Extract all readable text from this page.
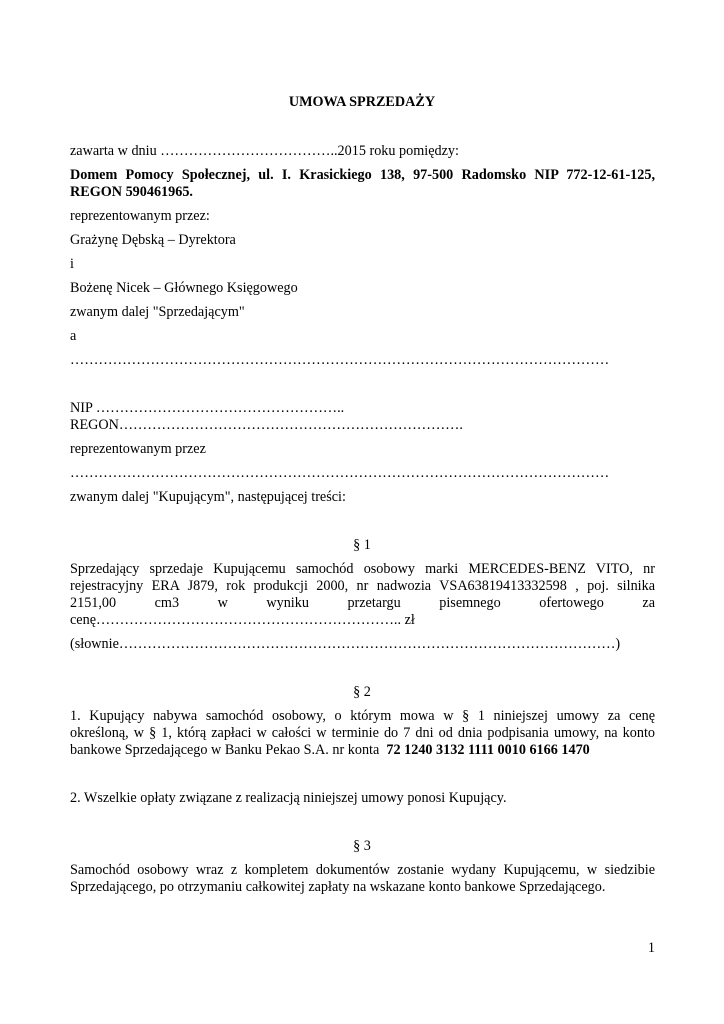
UMOWA SPRZEDAŻY
zawarta w dniu ………………………………..2015 roku pomiędzy:
Domem Pomocy Społecznej, ul. I. Krasickiego 138, 97-500 Radomsko NIP 772-12-61-125,
REGON 590461965.
reprezentowanym przez:
Grażynę Dębską – Dyrektora
i
Bożenę Nicek – Głównego Księgowego
zwanym dalej "Sprzedającym"
a
……………………………………………………………………………………………………
NIP ……………………………………………..
REGON……………………………………………………………….
reprezentowanym przez
……………………………………………………………………………………………………
zwanym dalej "Kupującym", następującej treści:
§ 1
Sprzedający sprzedaje Kupującemu samochód osobowy marki MERCEDES-BENZ VITO, nr
rejestracyjny ERA J879, rok produkcji 2000, nr nadwozia VSA63819413332598 , poj. silnika
2151,00 cm3 w wyniku przetargu pisemnego ofertowego za
cenę……………………………………………………….. zł
(słownie……………………………………………………………………………………………)
§ 2
1. Kupujący nabywa samochód osobowy, o którym mowa w § 1 niniejszej umowy za cenę
określoną, w § 1, którą zapłaci w całości w terminie do 7 dni od dnia podpisania umowy, na konto
bankowe Sprzedającego w Banku Pekao S.A. nr konta 72 1240 3132 1111 0010 6166 1470
2. Wszelkie opłaty związane z realizacją niniejszej umowy ponosi Kupujący.
§ 3
Samochód osobowy wraz z kompletem dokumentów zostanie wydany Kupującemu, w siedzibie
Sprzedającego, po otrzymaniu całkowitej zapłaty na wskazane konto bankowe Sprzedającego.
1
